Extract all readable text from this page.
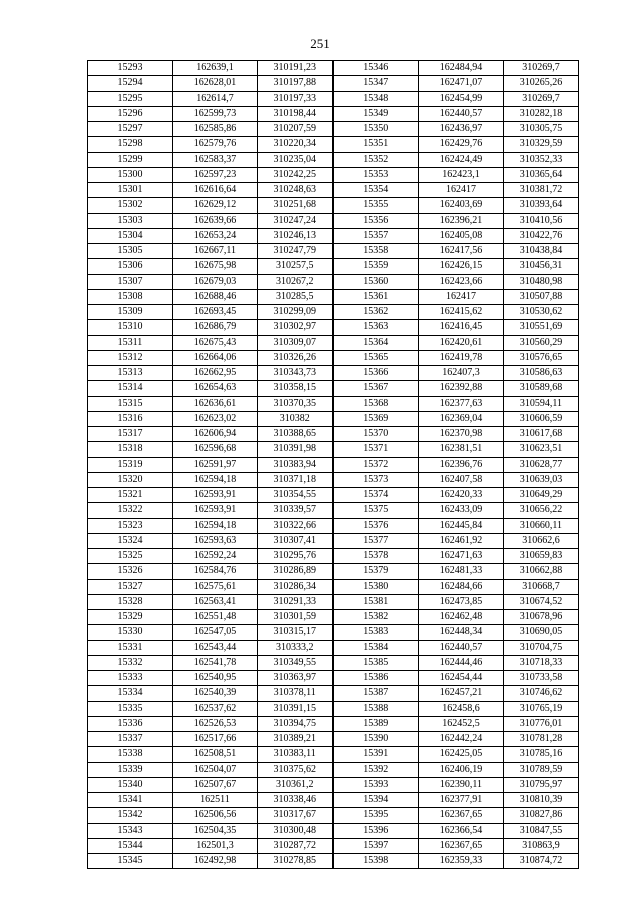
251
15293	162639,1	310191,23	15346	162484,94	310269,7
15294	162628,01	310197,88	15347	162471,07	310265,26
15295	162614,7	310197,33	15348	162454,99	310269,7
15296	162599,73	310198,44	15349	162440,57	310282,18
15297	162585,86	310207,59	15350	162436,97	310305,75
15298	162579,76	310220,34	15351	162429,76	310329,59
15299	162583,37	310235,04	15352	162424,49	310352,33
15300	162597,23	310242,25	15353	162423,1	310365,64
15301	162616,64	310248,63	15354	162417	310381,72
15302	162629,12	310251,68	15355	162403,69	310393,64
15303	162639,66	310247,24	15356	162396,21	310410,56
15304	162653,24	310246,13	15357	162405,08	310422,76
15305	162667,11	310247,79	15358	162417,56	310438,84
15306	162675,98	310257,5	15359	162426,15	310456,31
15307	162679,03	310267,2	15360	162423,66	310480,98
15308	162688,46	310285,5	15361	162417	310507,88
15309	162693,45	310299,09	15362	162415,62	310530,62
15310	162686,79	310302,97	15363	162416,45	310551,69
15311	162675,43	310309,07	15364	162420,61	310560,29
15312	162664,06	310326,26	15365	162419,78	310576,65
15313	162662,95	310343,73	15366	162407,3	310586,63
15314	162654,63	310358,15	15367	162392,88	310589,68
15315	162636,61	310370,35	15368	162377,63	310594,11
15316	162623,02	310382	15369	162369,04	310606,59
15317	162606,94	310388,65	15370	162370,98	310617,68
15318	162596,68	310391,98	15371	162381,51	310623,51
15319	162591,97	310383,94	15372	162396,76	310628,77
15320	162594,18	310371,18	15373	162407,58	310639,03
15321	162593,91	310354,55	15374	162420,33	310649,29
15322	162593,91	310339,57	15375	162433,09	310656,22
15323	162594,18	310322,66	15376	162445,84	310660,11
15324	162593,63	310307,41	15377	162461,92	310662,6
15325	162592,24	310295,76	15378	162471,63	310659,83
15326	162584,76	310286,89	15379	162481,33	310662,88
15327	162575,61	310286,34	15380	162484,66	310668,7
15328	162563,41	310291,33	15381	162473,85	310674,52
15329	162551,48	310301,59	15382	162462,48	310678,96
15330	162547,05	310315,17	15383	162448,34	310690,05
15331	162543,44	310333,2	15384	162440,57	310704,75
15332	162541,78	310349,55	15385	162444,46	310718,33
15333	162540,95	310363,97	15386	162454,44	310733,58
15334	162540,39	310378,11	15387	162457,21	310746,62
15335	162537,62	310391,15	15388	162458,6	310765,19
15336	162526,53	310394,75	15389	162452,5	310776,01
15337	162517,66	310389,21	15390	162442,24	310781,28
15338	162508,51	310383,11	15391	162425,05	310785,16
15339	162504,07	310375,62	15392	162406,19	310789,59
15340	162507,67	310361,2	15393	162390,11	310795,97
15341	162511	310338,46	15394	162377,91	310810,39
15342	162506,56	310317,67	15395	162367,65	310827,86
15343	162504,35	310300,48	15396	162366,54	310847,55
15344	162501,3	310287,72	15397	162367,65	310863,9
15345	162492,98	310278,85	15398	162359,33	310874,72
